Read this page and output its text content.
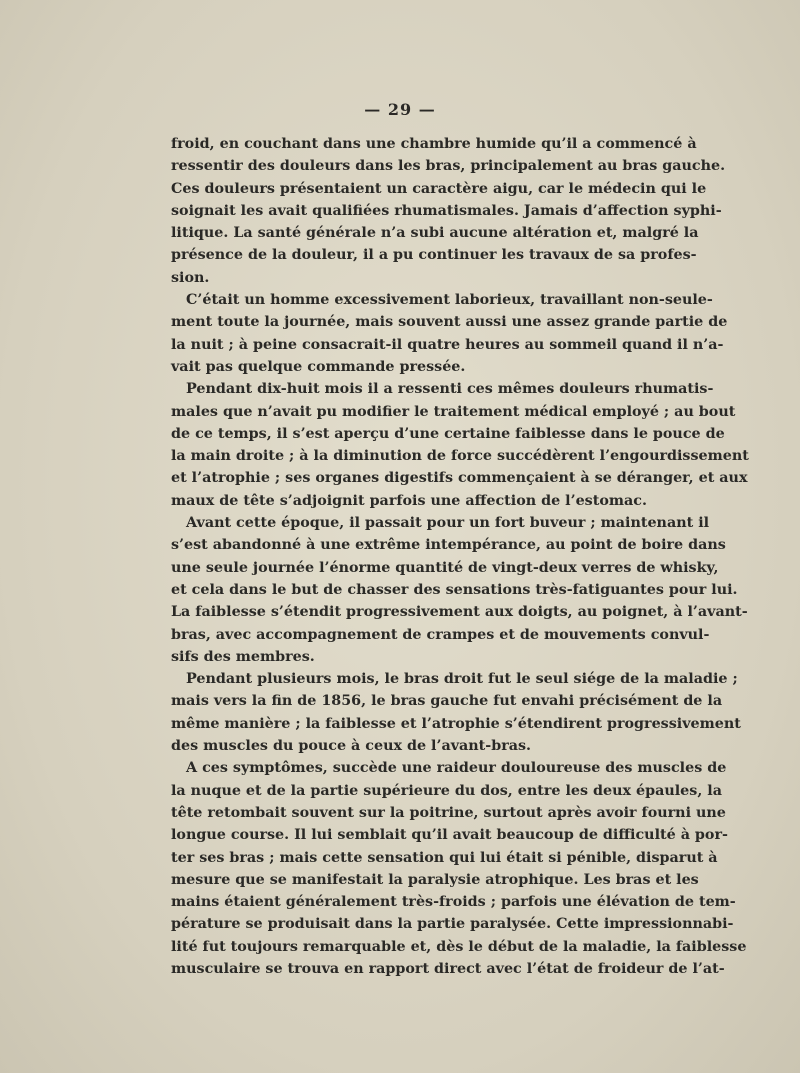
— 29 —
froid, en couchant dans une chambre humide qu’il a commencé à
ressentir des douleurs dans les bras, principalement au bras gauche.
Ces douleurs présentaient un caractère aigu, car le médecin qui le
soignait les avait qualifiées rhumatismales. Jamais d’affection syphi-
litique. La santé générale n’a subi aucune altération et, malgré la
présence de la douleur, il a pu continuer les travaux de sa profes-
sion.
C’était un homme excessivement laborieux, travaillant non-seule-
ment toute la journée, mais souvent aussi une assez grande partie de
la nuit ; à peine consacrait-il quatre heures au sommeil quand il n’a-
vait pas quelque commande pressée.
Pendant dix-huit mois il a ressenti ces mêmes douleurs rhumatis-
males que n’avait pu modifier le traitement médical employé ; au bout
de ce temps, il s’est aperçu d’une certaine faiblesse dans le pouce de
la main droite ; à la diminution de force succédèrent l’engourdissement
et l’atrophie ; ses organes digestifs commençaient à se déranger, et aux
maux de tête s’adjoignit parfois une affection de l’estomac.
Avant cette époque, il passait pour un fort buveur ; maintenant il
s’est abandonné à une extrême intempérance, au point de boire dans
une seule journée l’énorme quantité de vingt-deux verres de whisky,
et cela dans le but de chasser des sensations très-fatiguantes pour lui.
La faiblesse s’étendit progressivement aux doigts, au poignet, à l’avant-
bras, avec accompagnement de crampes et de mouvements convul-
sifs des membres.
Pendant plusieurs mois, le bras droit fut le seul siége de la maladie ;
mais vers la fin de 1856, le bras gauche fut envahi précisément de la
même manière ; la faiblesse et l’atrophie s’étendirent progressivement
des muscles du pouce à ceux de l’avant-bras.
A ces symptômes, succède une raideur douloureuse des muscles de
la nuque et de la partie supérieure du dos, entre les deux épaules, la
tête retombait souvent sur la poitrine, surtout après avoir fourni une
longue course. Il lui semblait qu’il avait beaucoup de difficulté à por-
ter ses bras ; mais cette sensation qui lui était si pénible, disparut à
mesure que se manifestait la paralysie atrophique. Les bras et les
mains étaient généralement très-froids ; parfois une élévation de tem-
pérature se produisait dans la partie paralysée. Cette impressionnabi-
lité fut toujours remarquable et, dès le début de la maladie, la faiblesse
musculaire se trouva en rapport direct avec l’état de froideur de l’at-
